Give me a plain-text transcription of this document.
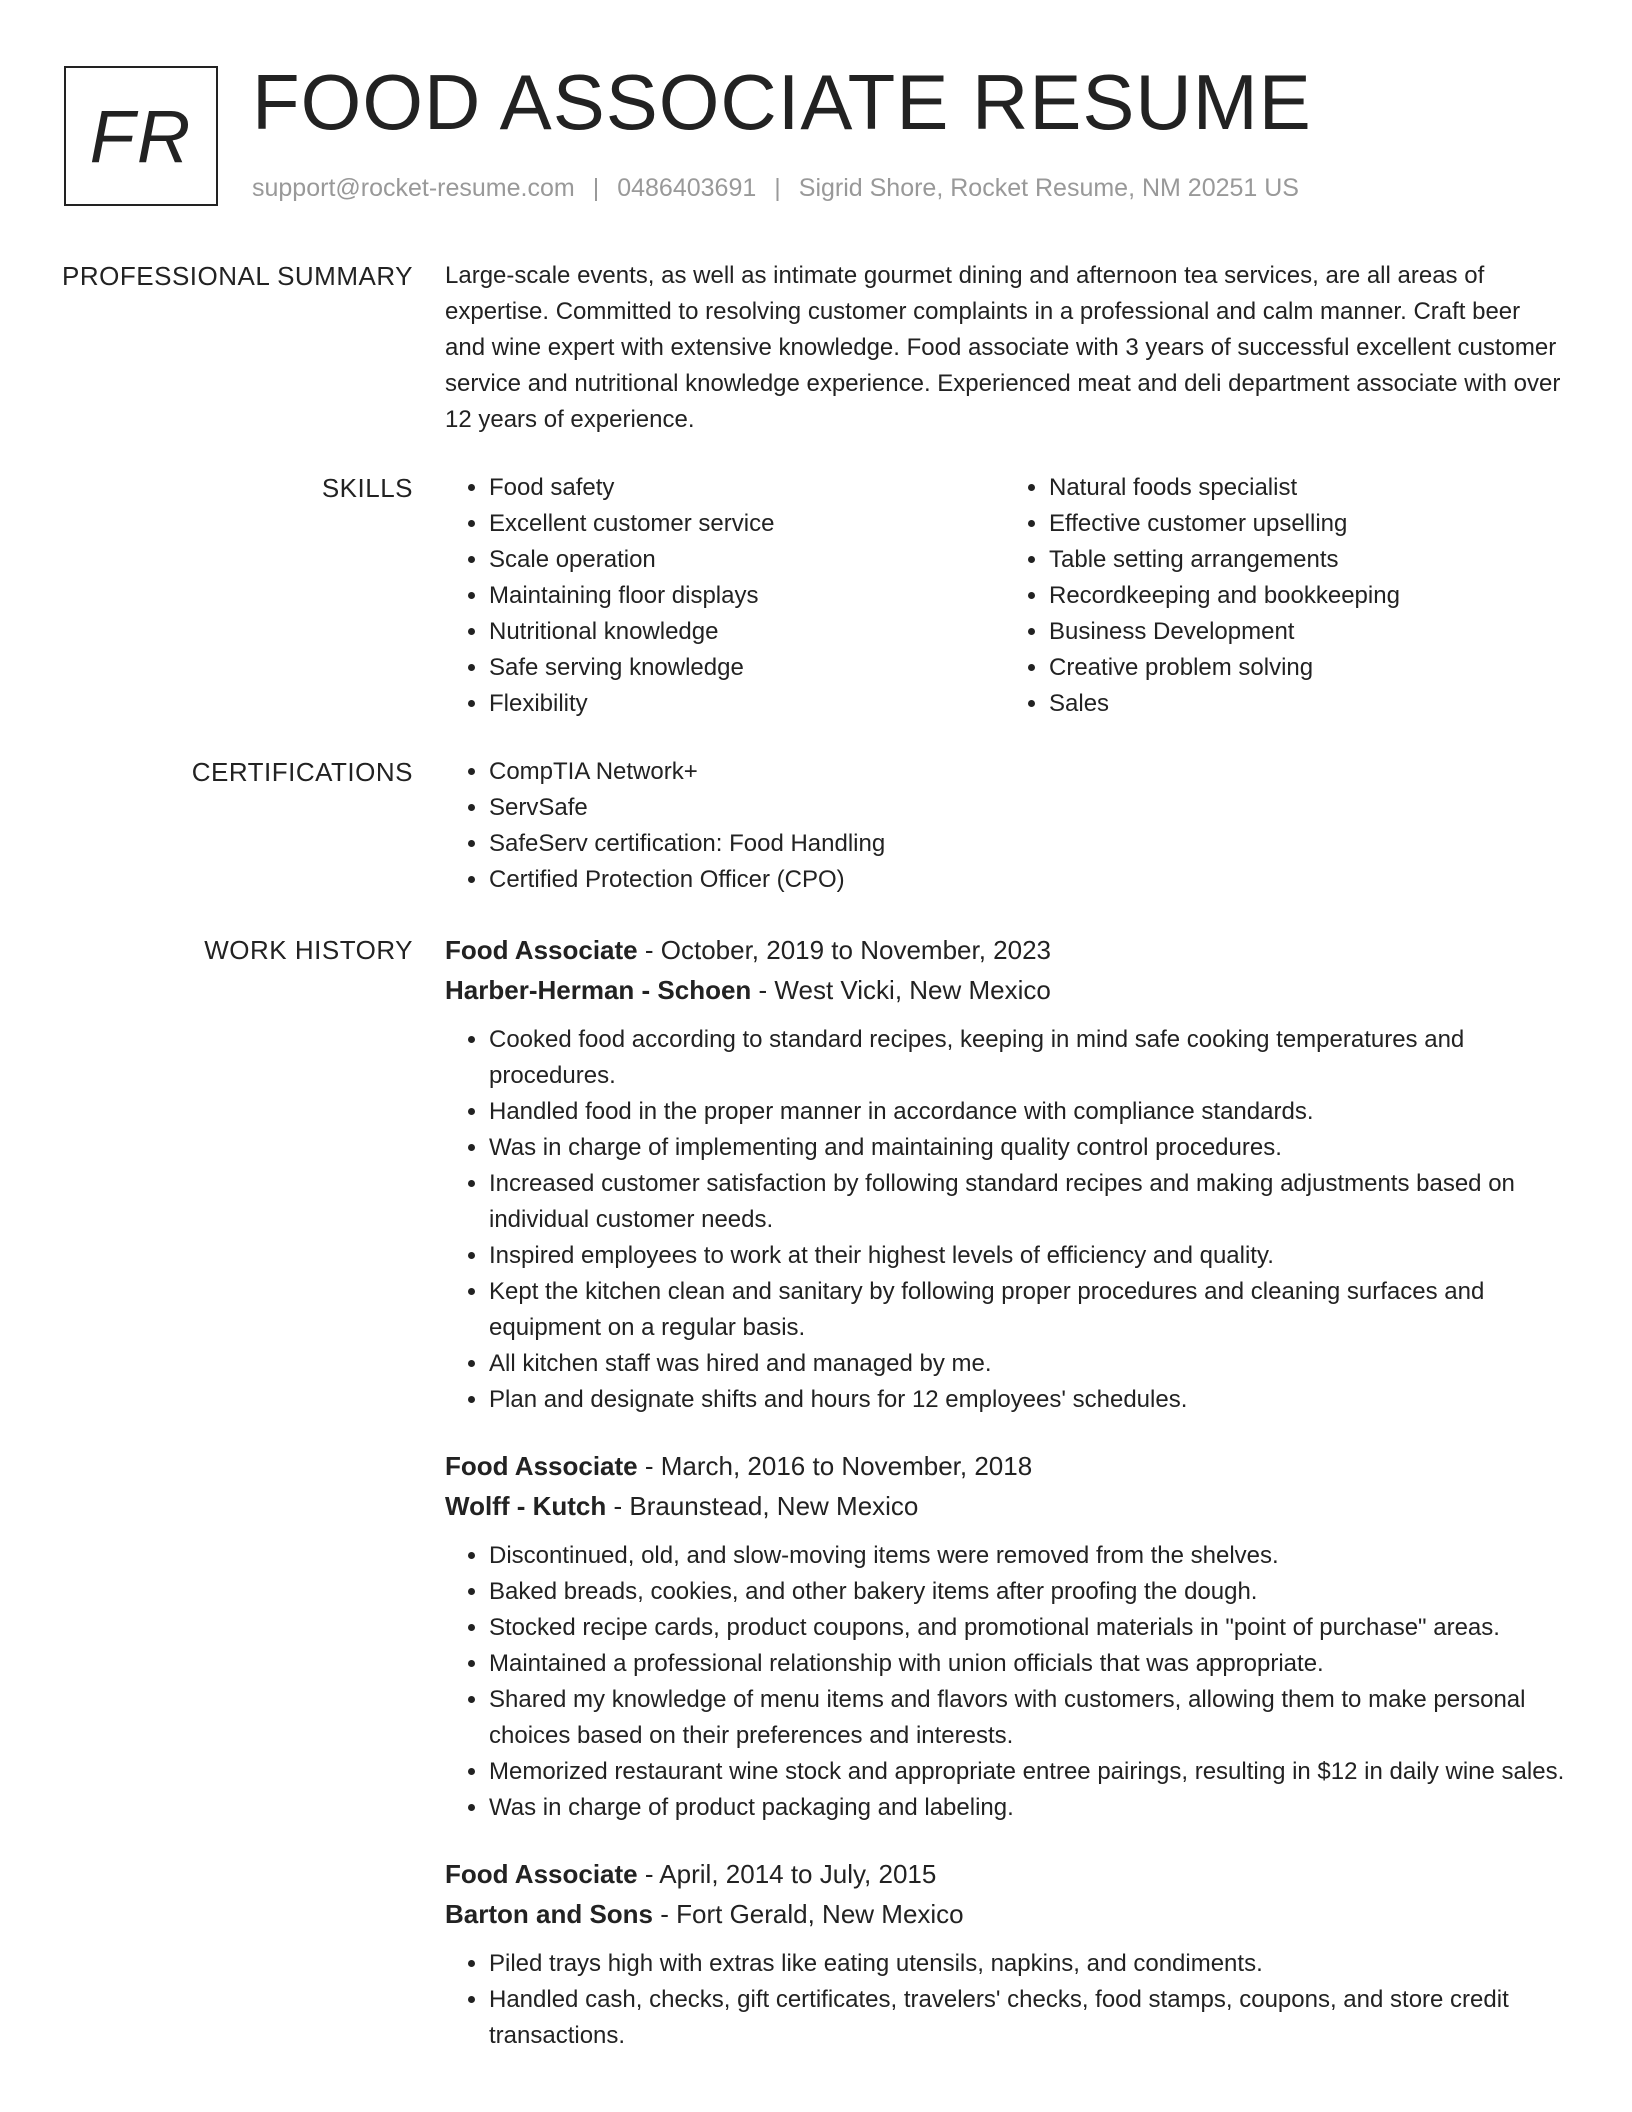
FR FOOD ASSOCIATE RESUME
support@rocket-resume.com | 0486403691 | Sigrid Shore, Rocket Resume, NM 20251 US
PROFESSIONAL SUMMARY Large-scale events, as well as intimate gourmet dining and afternoon tea services, are all areas of expertise. Committed to resolving customer complaints in a professional and calm manner. Craft beer and wine expert with extensive knowledge. Food associate with 3 years of successful excellent customer service and nutritional knowledge experience. Experienced meat and deli department associate with over 12 years of experience.
SKILLS	• Food safety
• Excellent customer service
• Scale operation
• Maintaining floor displays
• Nutritional knowledge
• Safe serving knowledge
• Flexibility
• Natural foods specialist
• Effective customer upselling
• Table setting arrangements
• Recordkeeping and bookkeeping
• Business Development
• Creative problem solving
• Sales
CERTIFICATIONS	• CompTIA Network+
• ServSafe
• SafeServ certification: Food Handling
• Certified Protection Officer (CPO)
WORK HISTORY Food Associate - October, 2019 to November, 2023
Harber-Herman - Schoen - West Vicki, New Mexico
• Cooked food according to standard recipes, keeping in mind safe cooking temperatures and procedures.
• Handled food in the proper manner in accordance with compliance standards.
• Was in charge of implementing and maintaining quality control procedures.
• Increased customer satisfaction by following standard recipes and making adjustments based on individual customer needs.
• Inspired employees to work at their highest levels of efficiency and quality.
• Kept the kitchen clean and sanitary by following proper procedures and cleaning surfaces and equipment on a regular basis.
• All kitchen staff was hired and managed by me.
• Plan and designate shifts and hours for 12 employees' schedules.
Food Associate - March, 2016 to November, 2018
Wolff - Kutch - Braunstead, New Mexico
• Discontinued, old, and slow-moving items were removed from the shelves.
• Baked breads, cookies, and other bakery items after proofing the dough.
• Stocked recipe cards, product coupons, and promotional materials in "point of purchase" areas.
• Maintained a professional relationship with union officials that was appropriate.
• Shared my knowledge of menu items and flavors with customers, allowing them to make personal choices based on their preferences and interests.
• Memorized restaurant wine stock and appropriate entree pairings, resulting in $12 in daily wine sales.
• Was in charge of product packaging and labeling.
Food Associate - April, 2014 to July, 2015
Barton and Sons - Fort Gerald, New Mexico
• Piled trays high with extras like eating utensils, napkins, and condiments.
• Handled cash, checks, gift certificates, travelers' checks, food stamps, coupons, and store credit transactions.
